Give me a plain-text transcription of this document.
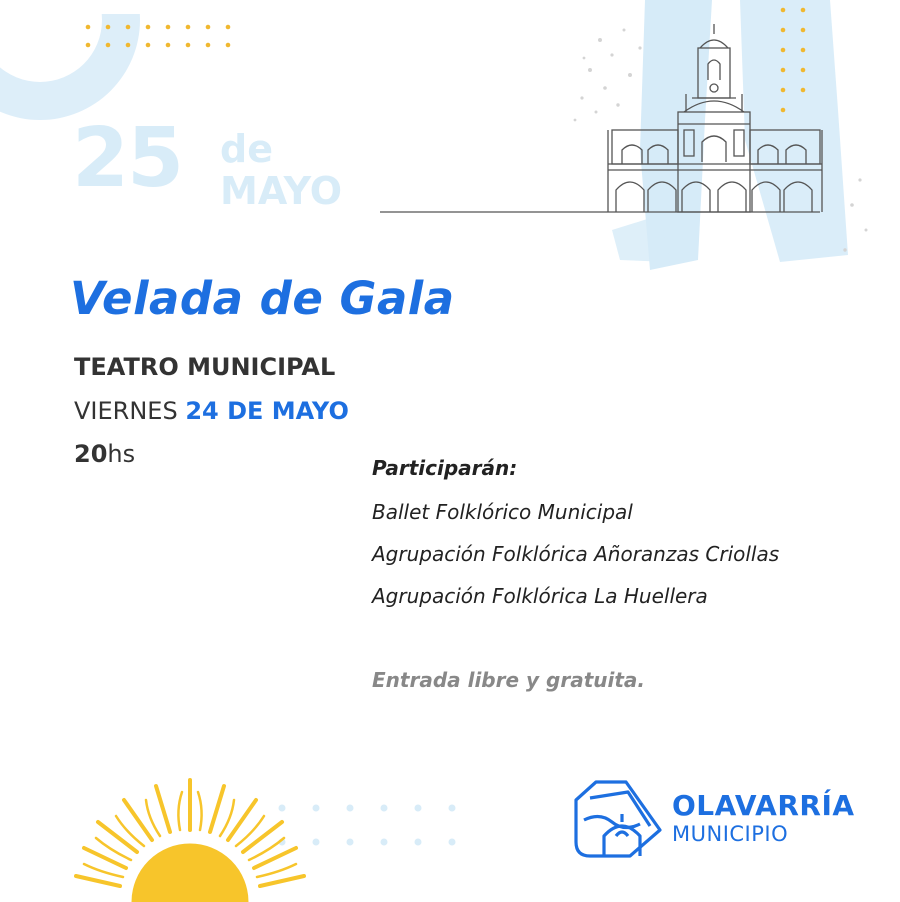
25 de
MAYO
Velada de Gala
TEATRO MUNICIPAL
VIERNES 24 DE MAYO
20hs	Participarán:
Ballet Folklórico Municipal
Agrupación Folklórica Añoranzas Criollas
Agrupación Folklórica La Huellera
Entrada libre y gratuita.
OLAVARRÍA
MUNICIPIO
